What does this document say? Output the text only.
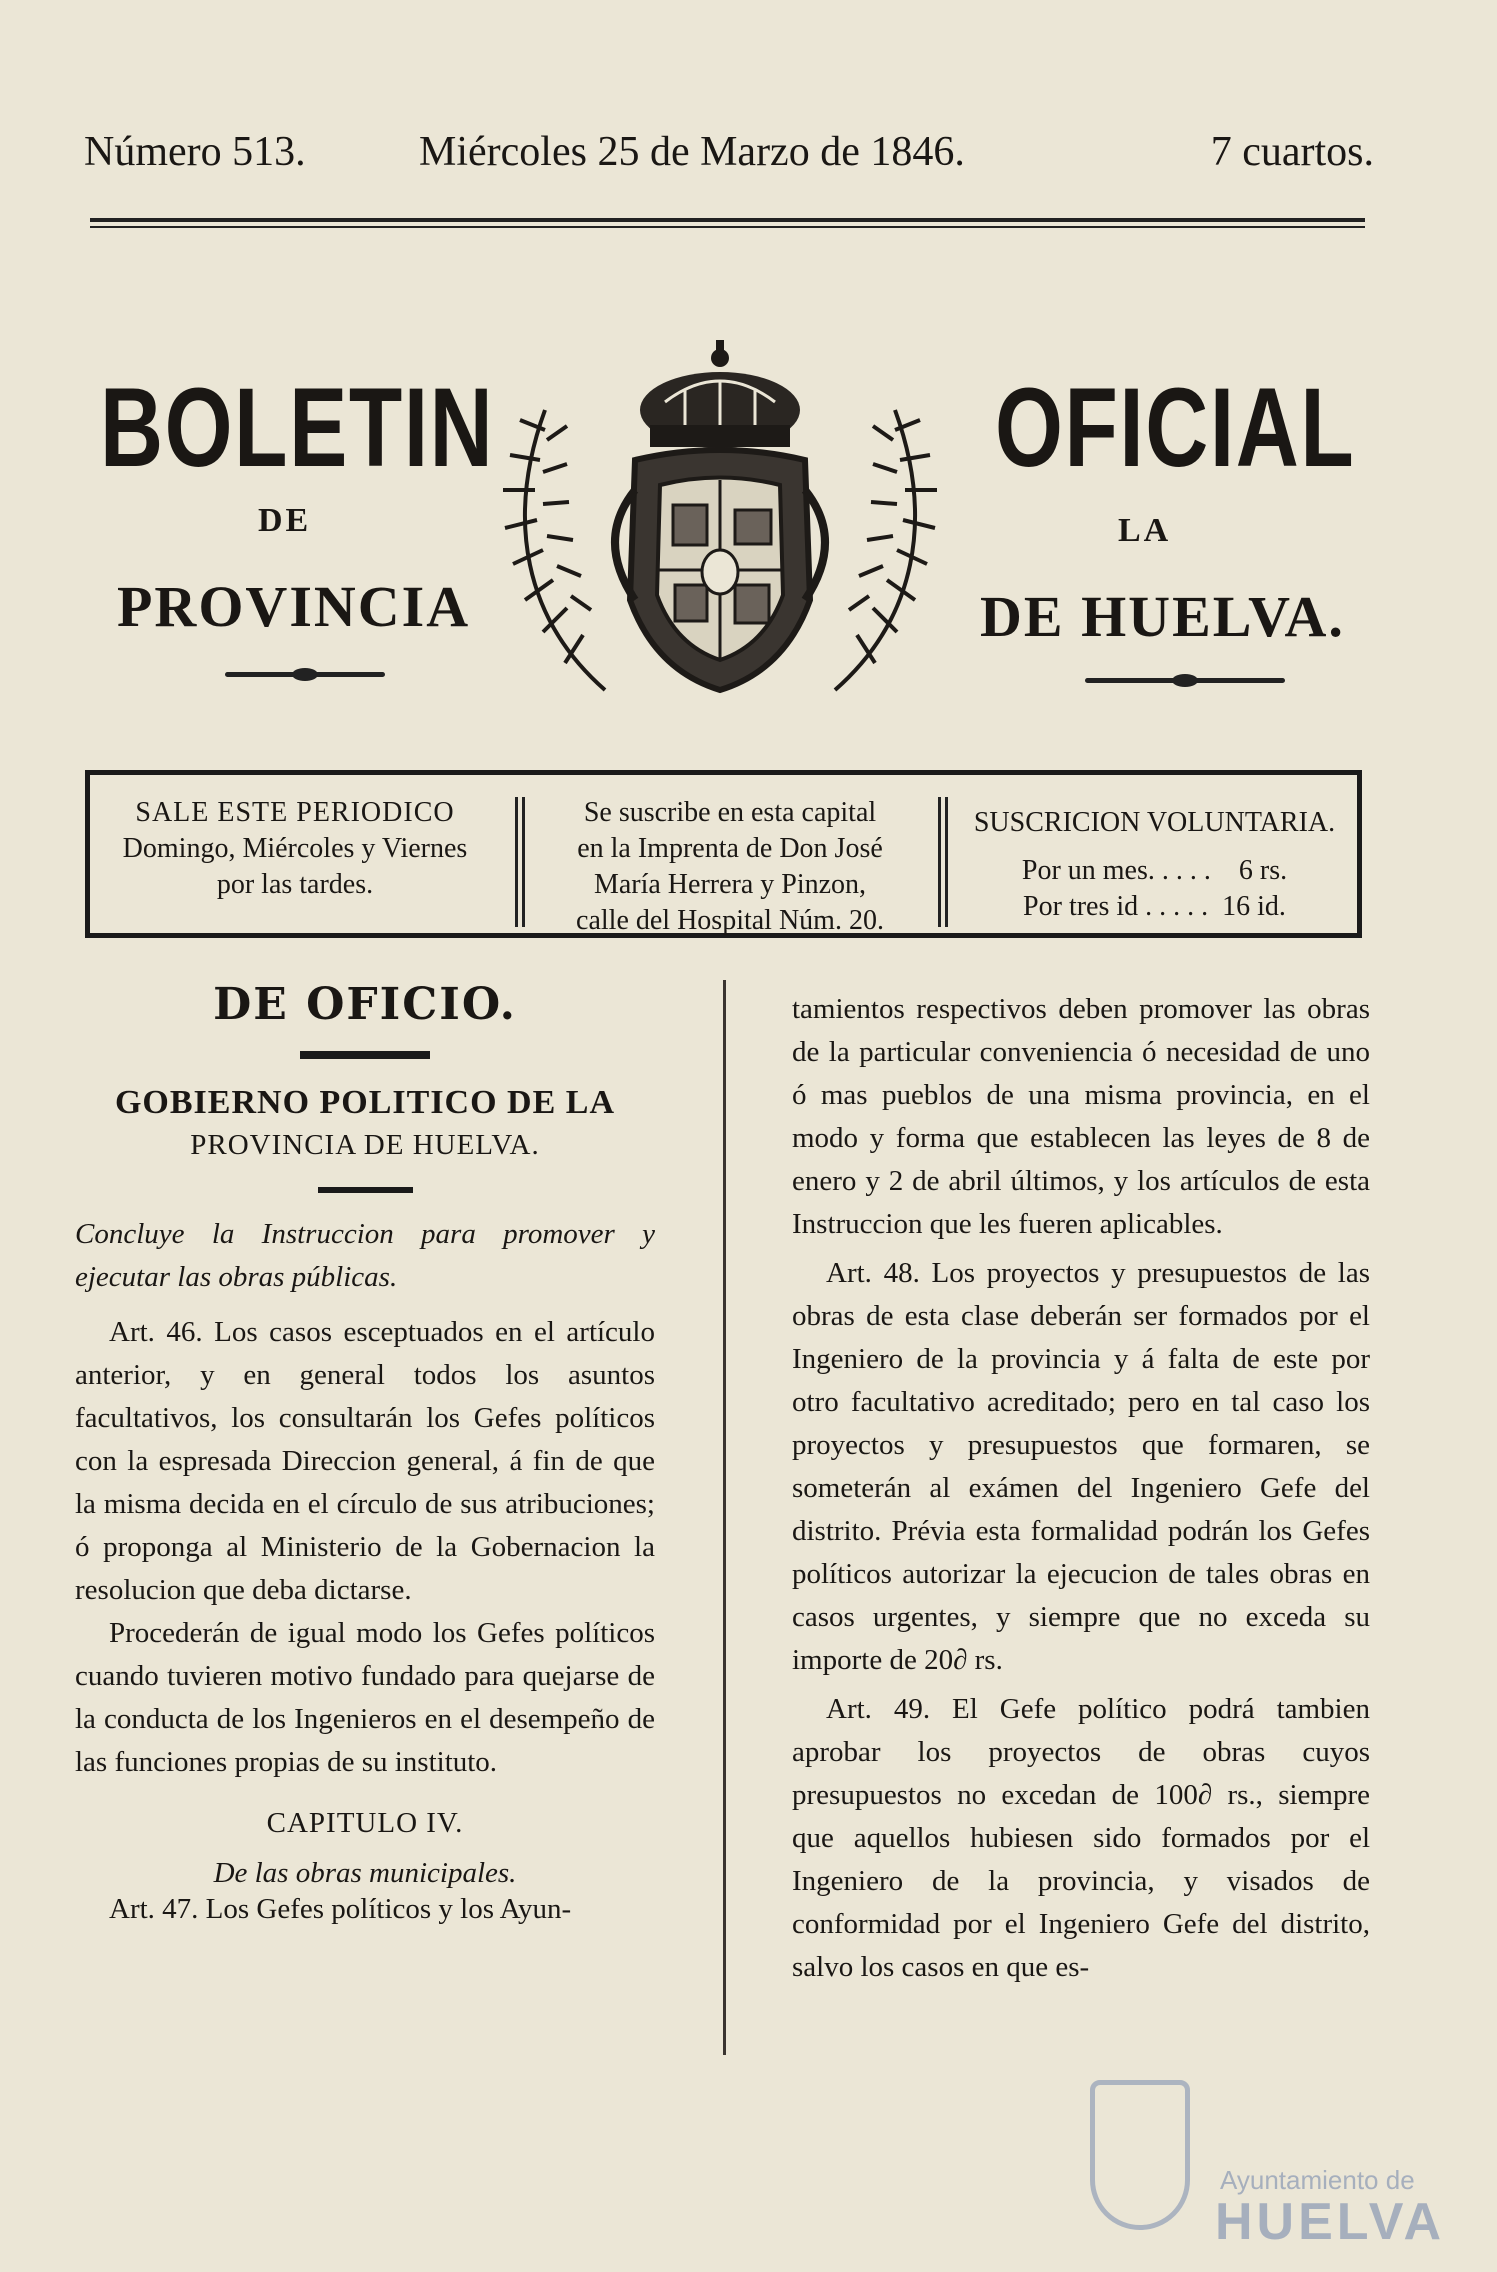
Número 513.	Miércoles 25 de Marzo de 1846.	7 cuartos.
BOLETIN
DE
PROVINCIA
OFICIAL
LA
DE HUELVA.
SALE ESTE PERIODICO
Domingo, Miércoles y Viernes
por las tardes.
Se suscribe en esta capital
en la Imprenta de Don José
María Herrera y Pinzon,
calle del Hospital Núm. 20.
SUSCRICION VOLUNTARIA.
Por un mes. . . . .    6 rs.
Por tres id . . . . .  16 id.
DE OFICIO.
GOBIERNO POLITICO DE LA
PROVINCIA DE HUELVA.

Concluye la Instruccion para promover y ejecutar las obras públicas.

Art. 46. Los casos esceptuados en el artículo anterior, y en general todos los asuntos facultativos, los consultarán los Gefes políticos con la espresada Direccion general, á fin de que la misma decida en el círculo de sus atribuciones; ó proponga al Ministerio de la Gobernacion la resolucion que deba dictarse.

Procederán de igual modo los Gefes políticos cuando tuvieren motivo fundado para quejarse de la conducta de los Ingenieros en el desempeño de las funciones propias de su instituto.

CAPITULO IV.

De las obras municipales.

Art. 47. Los Gefes políticos y los Ayun-

tamientos respectivos deben promover las obras de la particular conveniencia ó necesidad de uno ó mas pueblos de una misma provincia, en el modo y forma que establecen las leyes de 8 de enero y 2 de abril últimos, y los artículos de esta Instruccion que les fueren aplicables.

Art. 48. Los proyectos y presupuestos de las obras de esta clase deberán ser formados por el Ingeniero de la provincia y á falta de este por otro facultativo acreditado; pero en tal caso los proyectos y presupuestos que formaren, se someterán al exámen del Ingeniero Gefe del distrito. Prévia esta formalidad podrán los Gefes políticos autorizar la ejecucion de tales obras en casos urgentes, y siempre que no exceda su importe de 20∂ rs.

Art. 49. El Gefe político podrá tambien aprobar los proyectos de obras cuyos presupuestos no excedan de 100∂ rs., siempre que aquellos hubiesen sido formados por el Ingeniero de la provincia, y visados de conformidad por el Ingeniero Gefe del distrito, salvo los casos en que es-

Ayuntamiento de
HUELVA
